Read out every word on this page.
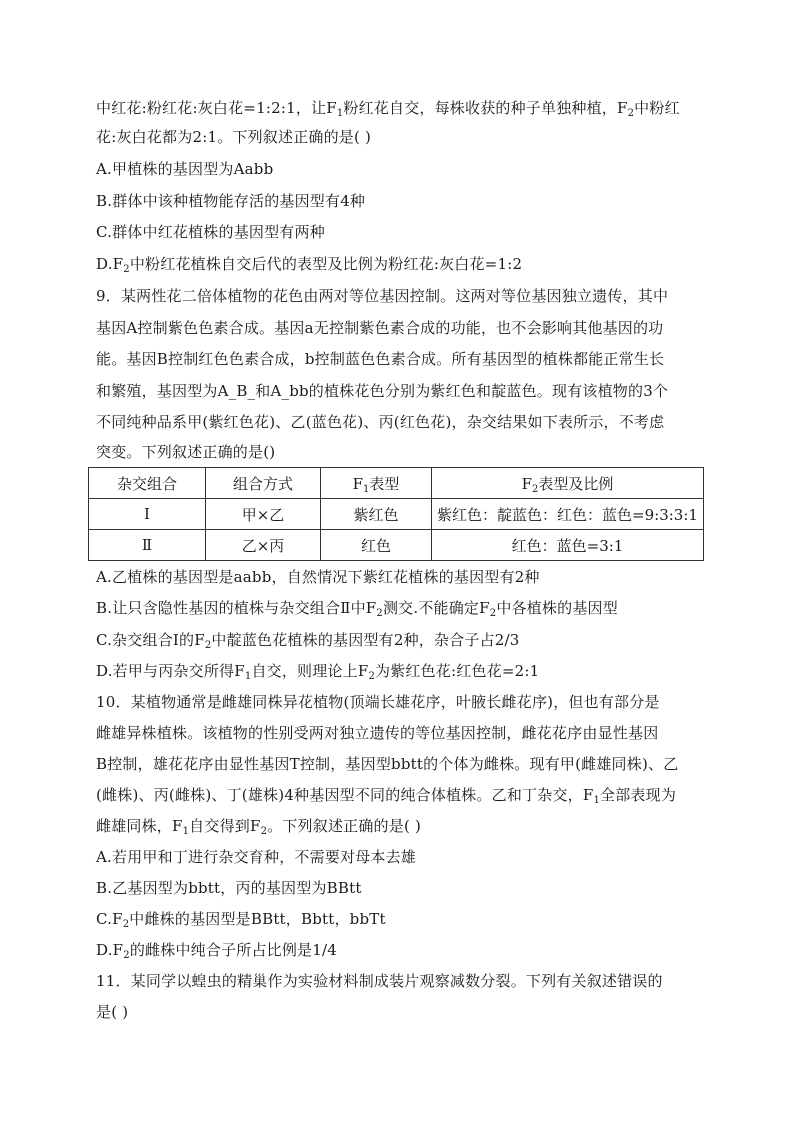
中红花:粉红花:灰白花=1:2:1，让$F_1$粉红花自交，每株收获的种子单独种植，$F_2$中粉红
花:灰白花都为2:1。下列叙述正确的是( )
A.甲植株的基因型为Aabb
B.群体中该种植物能存活的基因型有4种
C.群体中红花植株的基因型有两种
$D.F_2$中粉红花植株自交后代的表型及比例为粉红花:灰白花=1:2
9．某两性花二倍体植物的花色由两对等位基因控制。这两对等位基因独立遗传，其中
基因A控制紫色色素合成。基因a无控制紫色素合成的功能，也不会影响其他基因的功
能。基因B控制红色色素合成，b控制蓝色色素合成。所有基因型的植株都能正常生长
和繁殖，基因型为A_B_和A_bb的植株花色分别为紫红色和靛蓝色。现有该植物的3个
不同纯种品系甲(紫红色花)、乙(蓝色花)、丙(红色花)，杂交结果如下表所示，不考虑
突变。下列叙述正确的是()
杂交组合	组合方式	$F_1$表型	$F_2$表型及比例
Ⅰ	甲×乙	紫红色	紫红色：靛蓝色：红色：蓝色=9:3:3:1
Ⅱ	乙×丙	红色	红色：蓝色=3:1
A.乙植株的基因型是aabb，自然情况下紫红花植株的基因型有2种
B.让只含隐性基因的植株与杂交组合Ⅱ中$F_2$测交.不能确定$F_2$中各植株的基因型
C.杂交组合Ⅰ的$F_2$中靛蓝色花植株的基因型有2种，杂合子占2/3
D.若甲与丙杂交所得$F_1$自交，则理论上$F_2$为紫红色花:红色花=2:1
10．某植物通常是雌雄同株异花植物(顶端长雄花序，叶腋长雌花序)，但也有部分是
雌雄异株植株。该植物的性别受两对独立遗传的等位基因控制，雌花花序由显性基因
B控制，雄花花序由显性基因T控制，基因型bbtt的个体为雌株。现有甲(雌雄同株)、乙
(雌株)、丙(雌株)、丁(雄株)4种基因型不同的纯合体植株。乙和丁杂交，$F_1$全部表现为
雌雄同株，$F_1$自交得到$F_2$。下列叙述正确的是( )
A.若用甲和丁进行杂交育种，不需要对母本去雄
B.乙基因型为bbtt，丙的基因型为BBtt
$C.F_2$中雌株的基因型是BBtt，Bbtt，bbTt
$D.F_2$的雌株中纯合子所占比例是1/4
11．某同学以蝗虫的精巢作为实验材料制成装片观察减数分裂。下列有关叙述错误的
是( )
